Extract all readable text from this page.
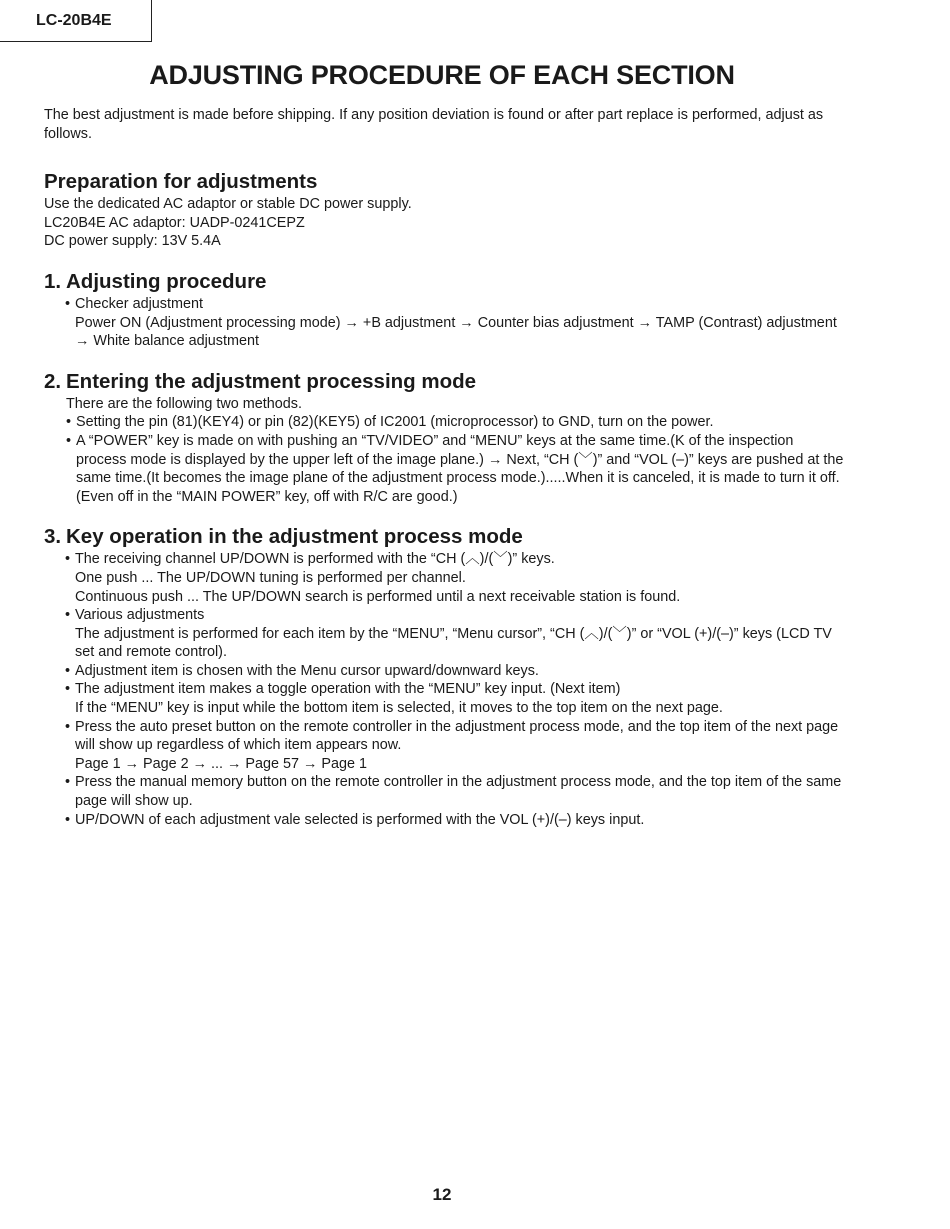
LC-20B4E
ADJUSTING PROCEDURE OF EACH SECTION

The best adjustment is made before shipping. If any position deviation is found or after part replace is performed, adjust as follows.

Preparation for adjustments

Use the dedicated AC adaptor or stable DC power supply.

LC20B4E AC adaptor: UADP-0241CEPZ

DC power supply: 13V 5.4A

1. Adjusting procedure
• Checker adjustment
Power ON (Adjustment processing mode) → +B adjustment → Counter bias adjustment → TAMP (Contrast) adjustment → White balance adjustment
2. Entering the adjustment processing mode

There are the following two methods.

• Setting the pin (81)(KEY4) or pin (82)(KEY5) of IC2001 (microprocessor) to GND, turn on the power.
• A “POWER” key is made on with pushing an “TV/VIDEO” and “MENU” keys at the same time.(K of the inspection process mode is displayed by the upper left of the image plane.) → Next, “CH (﹀)” and “VOL (–)” keys are pushed at the same time.(It becomes the image plane of the adjustment process mode.).....When it is canceled, it is made to turn it off.(Even off in the “MAIN POWER” key, off with R/C are good.)
3. Key operation in the adjustment process mode
• The receiving channel UP/DOWN is performed with the “CH (︿)/(﹀)” keys.
One push ... The UP/DOWN tuning is performed per channel.
Continuous push ... The UP/DOWN search is performed until a next receivable station is found.
• Various adjustments
The adjustment is performed for each item by the “MENU”, “Menu cursor”, “CH (︿)/(﹀)” or “VOL (+)/(–)” keys (LCD TV set and remote control).
• Adjustment item is chosen with the Menu cursor upward/downward keys.
• The adjustment item makes a toggle operation with the “MENU” key input. (Next item)
If the “MENU” key is input while the bottom item is selected, it moves to the top item on the next page.
• Press the auto preset button on the remote controller in the adjustment process mode, and the top item of the next page will show up regardless of which item appears now.
Page 1 → Page 2 → ... → Page 57 → Page 1
• Press the manual memory button on the remote controller in the adjustment process mode, and the top item of the same page will show up.
• UP/DOWN of each adjustment vale selected is performed with the VOL (+)/(–) keys input.
12
